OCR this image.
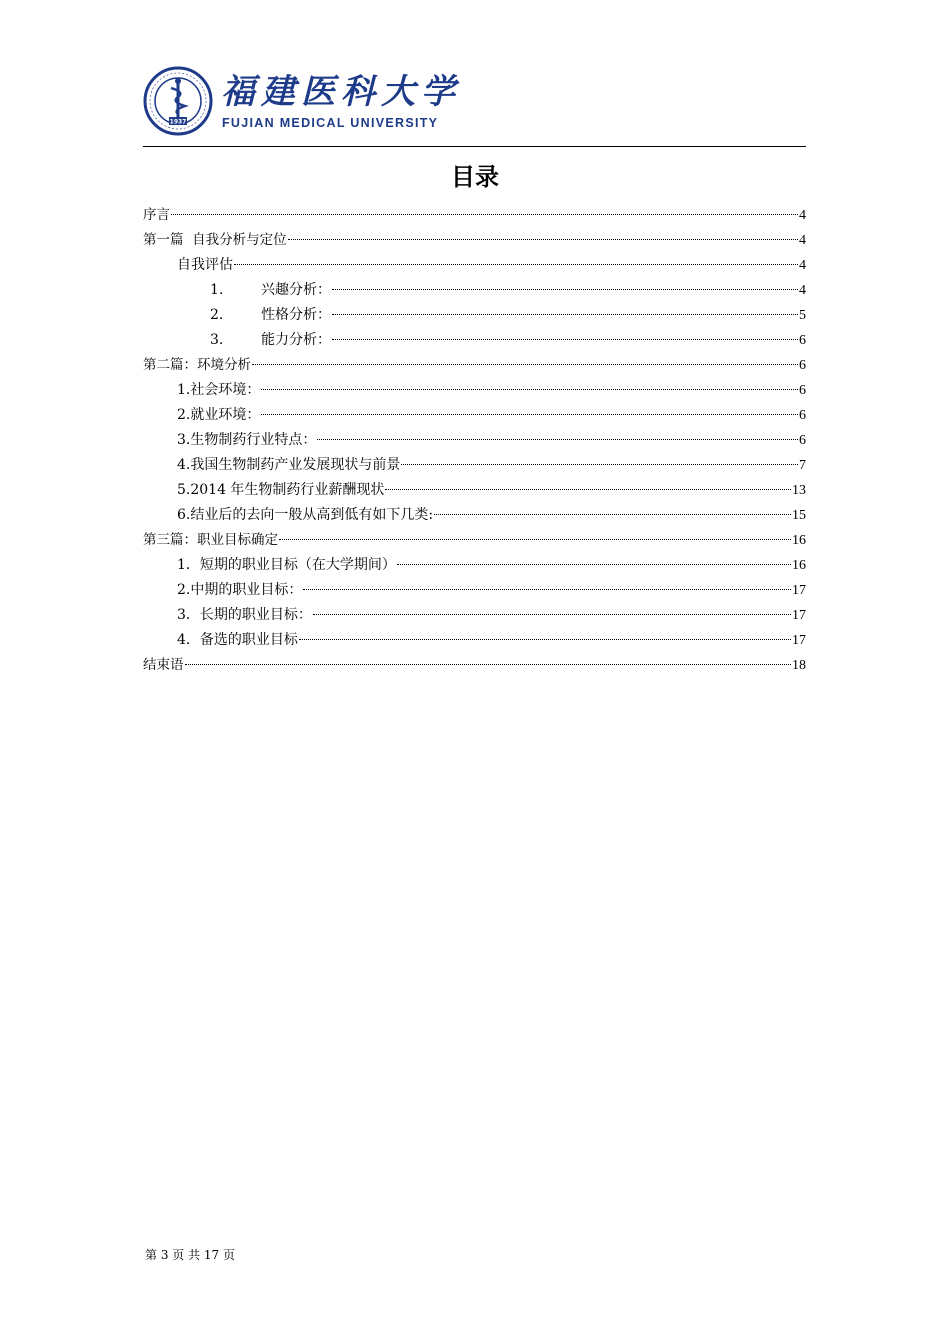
1937
福建医科大学
FUJIAN MEDICAL UNIVERSITY
目录
序言	4
第一篇  自我分析与定位	4
自我评估	4
1.	兴趣分析：	4
2.	性格分析：	5
3.	能力分析：	6
第二篇：环境分析	6
1.社会环境：	6
2.就业环境：	6
3.生物制药行业特点：	6
4.我国生物制药产业发展现状与前景	7
5.2014 年生物制药行业薪酬现状	13
6.结业后的去向一般从高到低有如下几类:	15
第三篇：职业目标确定	16
1．短期的职业目标（在大学期间）	16
2.中期的职业目标：	17
3．长期的职业目标：	17
4．备选的职业目标	17
结束语	18
第 3 页 共 17 页
